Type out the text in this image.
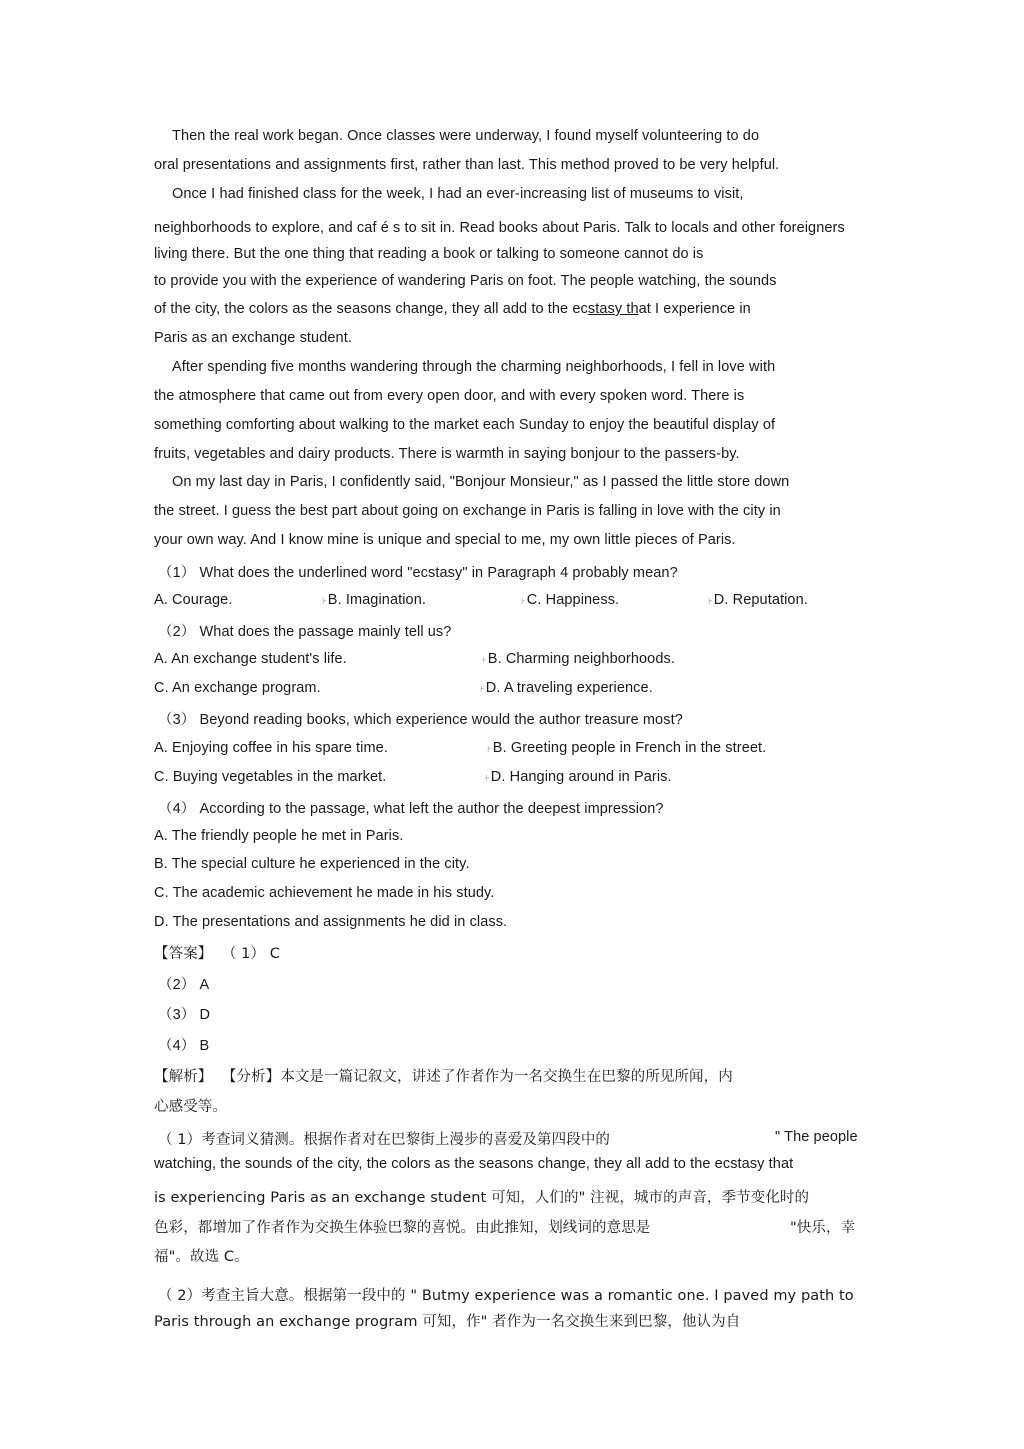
Then the real work began. Once classes were underway, I found myself volunteering to do
oral presentations and assignments first, rather than last. This method proved to be very helpful.
Once I had finished class for the week, I had an ever-increasing list of museums to visit,
neighborhoods to explore, and caf é s to sit in. Read books about Paris. Talk to locals and other foreigners
living there. But the one thing that reading a book or talking to someone cannot do is
to provide you with the experience of wandering Paris on foot. The people watching, the sounds
of the city, the colors as the seasons change, they all add to the ecstasy that I experience in
Paris as an exchange student.
After spending five months wandering through the charming neighborhoods, I fell in love with
the atmosphere that came out from every open door, and with every spoken word. There is
something comforting about walking to the market each Sunday to enjoy the beautiful display of
fruits, vegetables and dairy products. There is warmth in saying bonjour to the passers-by.
On my last day in Paris, I confidently said, "Bonjour Monsieur," as I passed the little store down
the street. I guess the best part about going on exchange in Paris is falling in love with the city in
your own way. And I know mine is unique and special to me, my own little pieces of Paris.
（1） What does the underlined word "ecstasy" in Paragraph 4 probably mean?
A. Courage.	⊦B. Imagination.	⊦C. Happiness.	⊦D. Reputation.
（2） What does the passage mainly tell us?
A. An exchange student's life.	⊦B. Charming neighborhoods.
C. An exchange program.	⊦D. A traveling experience.
（3） Beyond reading books, which experience would the author treasure most?
A. Enjoying coffee in his spare time.	⊦B. Greeting people in French in the street.
C. Buying vegetables in the market.	⊦D. Hanging around in Paris.
（4） According to the passage, what left the author the deepest impression?
A. The friendly people he met in Paris.
B. The special culture he experienced in the city.
C. The academic achievement he made in his study.
D. The presentations and assignments he did in class.
【答案】 （ 1） C
（2） A
（3） D
（4） B
【解析】 【分析】本文是一篇记叙文，讲述了作者作为一名交换生在巴黎的所见所闻，内
心感受等。
（ 1）考查词义猜测。根据作者对在巴黎街上漫步的喜爱及第四段中的	" The people
watching, the sounds of the city, the colors as the seasons change, they all add to the ecstasy that
is experiencing Paris as an exchange student 可知，人们的" 注视，城市的声音，季节变化时的
色彩，都增加了作者作为交换生体验巴黎的喜悦。由此推知，划线词的意思是	"快乐，幸
福"。故选 C。
（ 2）考查主旨大意。根据第一段中的 " Butmy experience was a romantic one. I paved my path to
Paris through an exchange program 可知，作" 者作为一名交换生来到巴黎，他认为自
